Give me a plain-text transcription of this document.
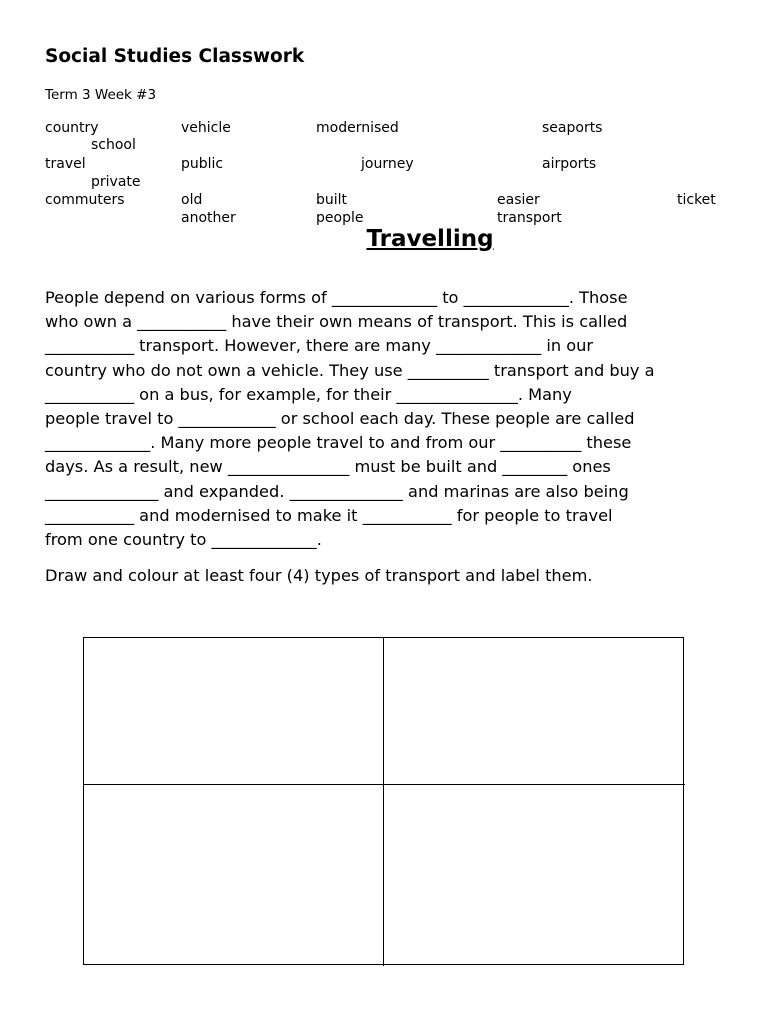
Social Studies Classwork
Term 3 Week #3
country	vehicle	modernised	seaports
school
travel	public	journey	airports
private
commuters	old	built	easier	ticket
another	people	transport
Travelling
People depend on various forms of _____________ to _____________. Those
who own a ___________ have their own means of transport. This is called
___________ transport. However, there are many _____________ in our
country who do not own a vehicle. They use __________ transport and buy a
___________ on a bus, for example, for their _______________. Many
people travel to ____________ or school each day. These people are called
_____________. Many more people travel to and from our __________ these
days. As a result, new _______________ must be built and ________ ones
______________ and expanded. ______________ and marinas are also being
___________ and modernised to make it ___________ for people to travel
from one country to _____________.
Draw and colour at least four (4) types of transport and label them.
